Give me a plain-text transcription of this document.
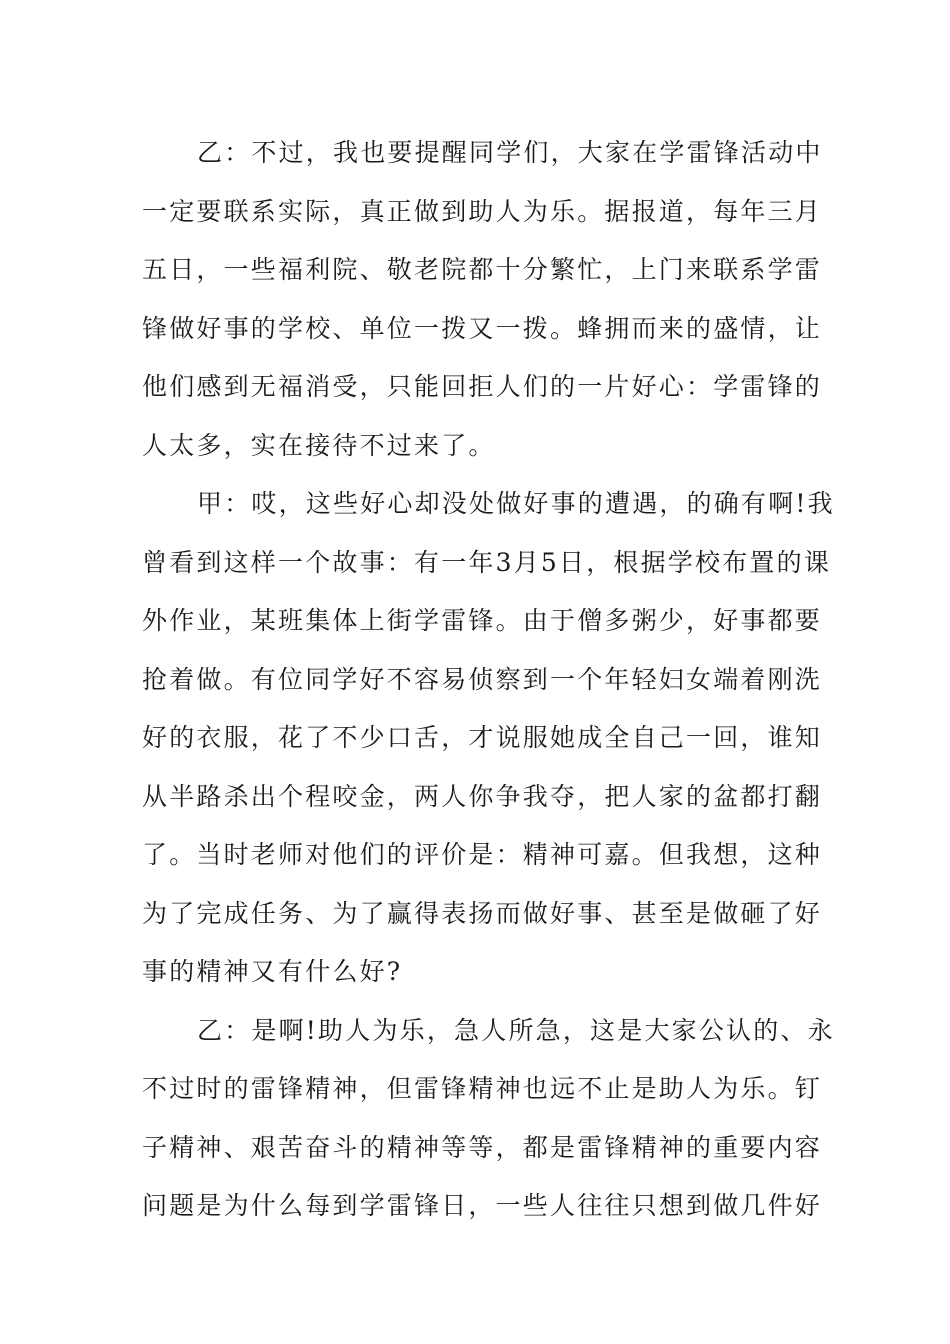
乙：不过，我也要提醒同学们，大家在学雷锋活动中
一定要联系实际，真正做到助人为乐。据报道，每年三月
五日，一些福利院、敬老院都十分繁忙，上门来联系学雷
锋做好事的学校、单位一拨又一拨。蜂拥而来的盛情，让
他们感到无福消受，只能回拒人们的一片好心：学雷锋的
人太多，实在接待不过来了。
甲：哎，这些好心却没处做好事的遭遇，的确有啊!我
曾看到这样一个故事：有一年3月5日，根据学校布置的课
外作业，某班集体上街学雷锋。由于僧多粥少，好事都要
抢着做。有位同学好不容易侦察到一个年轻妇女端着刚洗
好的衣服，花了不少口舌，才说服她成全自己一回，谁知
从半路杀出个程咬金，两人你争我夺，把人家的盆都打翻
了。当时老师对他们的评价是：精神可嘉。但我想，这种
为了完成任务、为了赢得表扬而做好事、甚至是做砸了好
事的精神又有什么好?
乙：是啊!助人为乐，急人所急，这是大家公认的、永
不过时的雷锋精神，但雷锋精神也远不止是助人为乐。钉
子精神、艰苦奋斗的精神等等，都是雷锋精神的重要内容
问题是为什么每到学雷锋日，一些人往往只想到做几件好
